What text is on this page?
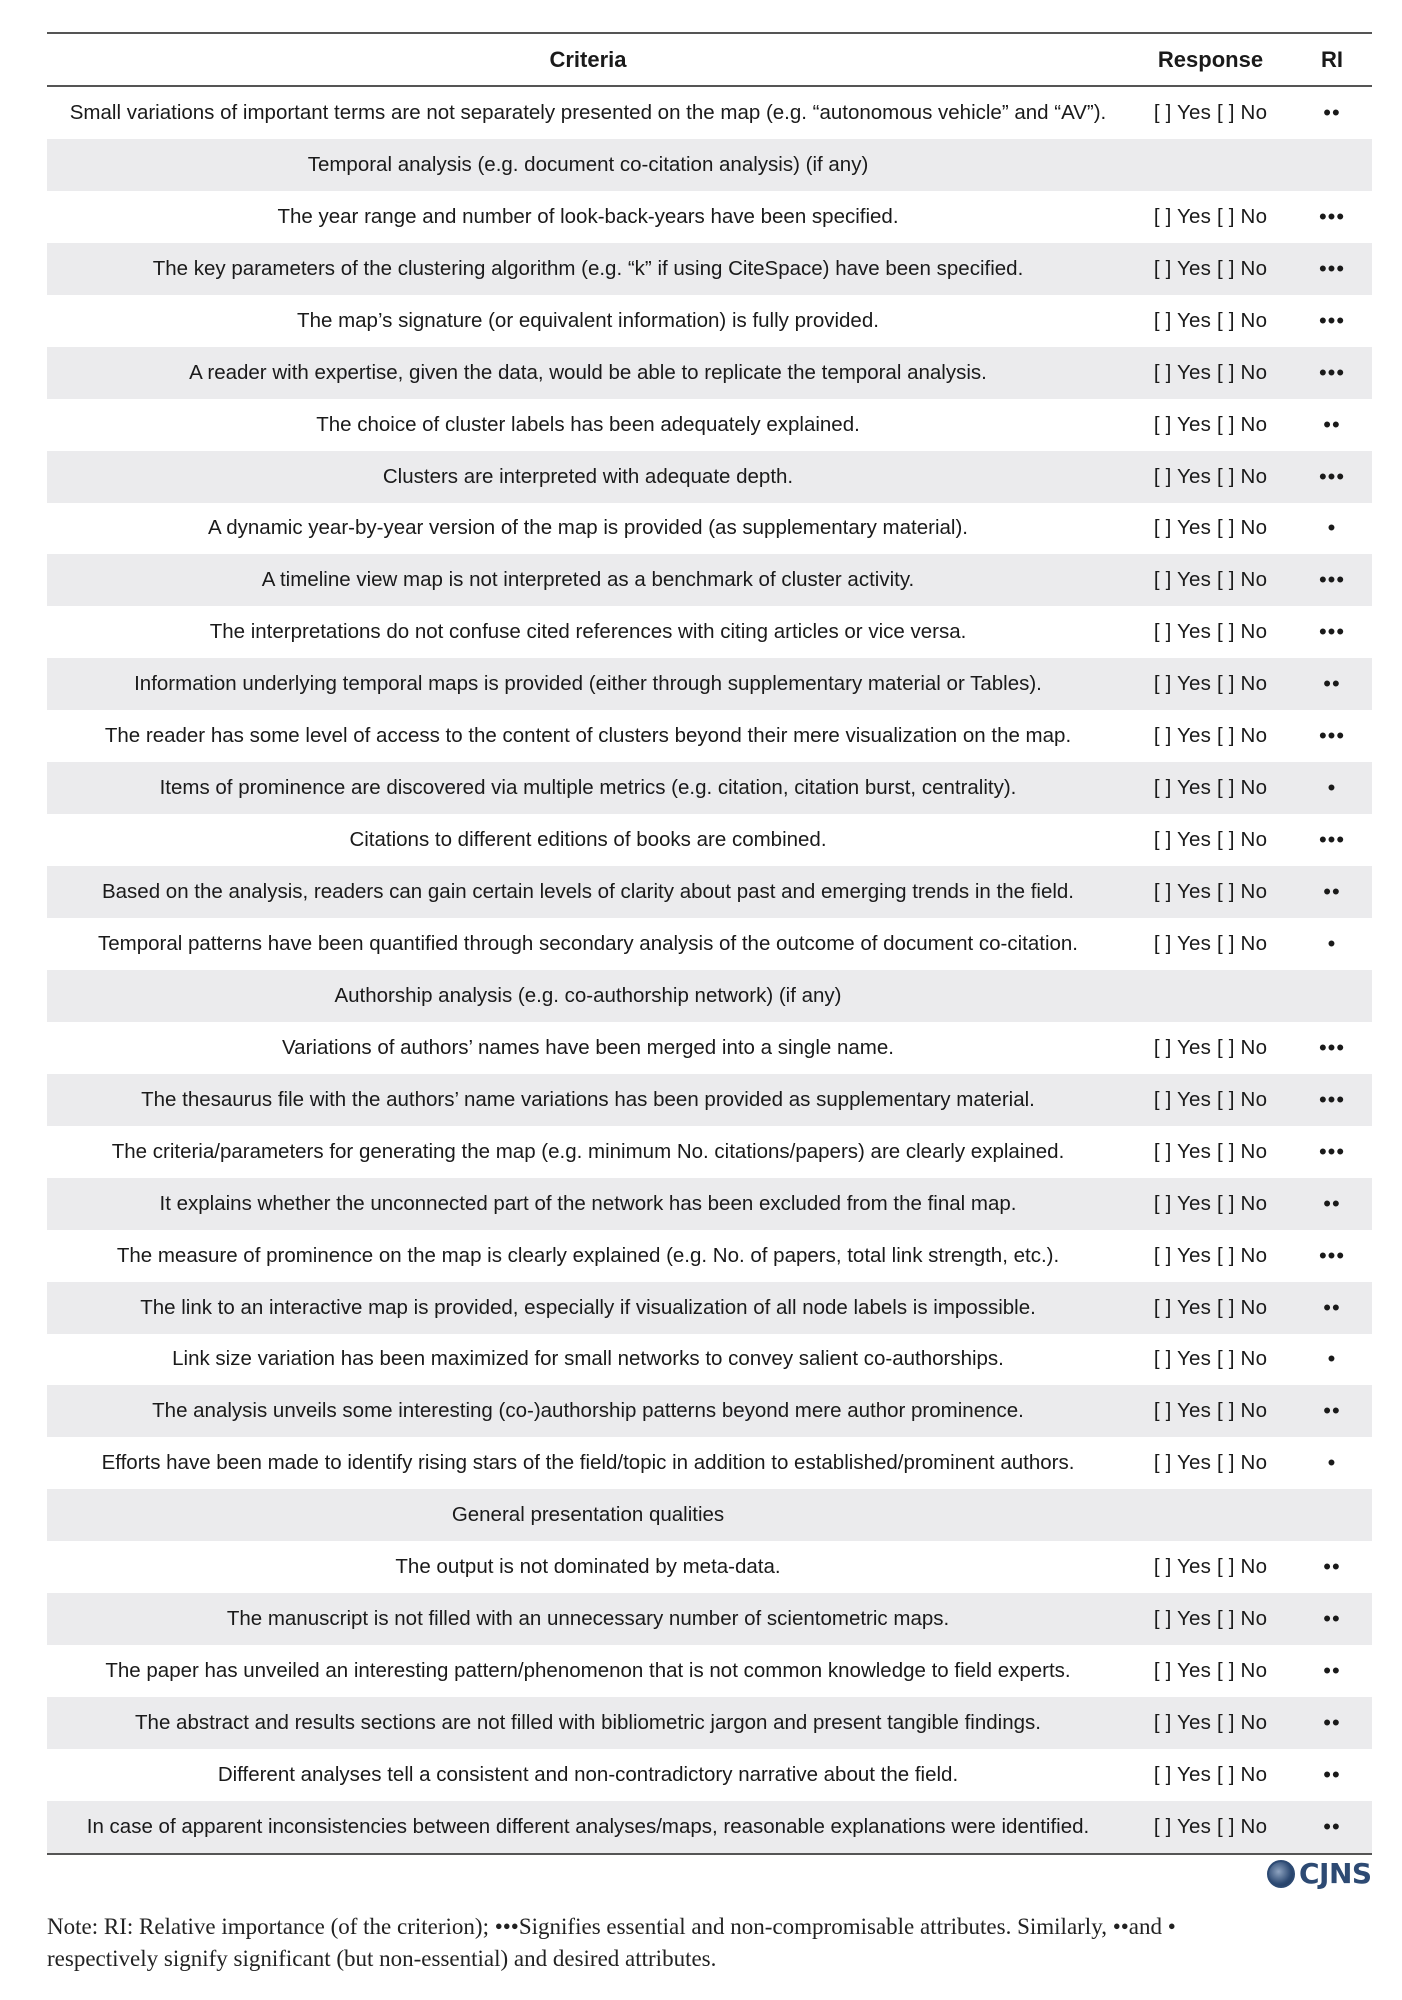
Criteria	Response	RI
Small variations of important terms are not separately presented on the map (e.g. “autonomous vehicle” and “AV”).	[ ] Yes [ ] No	••
Temporal analysis (e.g. document co-citation analysis) (if any)		
The year range and number of look-back-years have been specified.	[ ] Yes [ ] No	•••
The key parameters of the clustering algorithm (e.g. “k” if using CiteSpace) have been specified.	[ ] Yes [ ] No	•••
The map’s signature (or equivalent information) is fully provided.	[ ] Yes [ ] No	•••
A reader with expertise, given the data, would be able to replicate the temporal analysis.	[ ] Yes [ ] No	•••
The choice of cluster labels has been adequately explained.	[ ] Yes [ ] No	••
Clusters are interpreted with adequate depth.	[ ] Yes [ ] No	•••
A dynamic year-by-year version of the map is provided (as supplementary material).	[ ] Yes [ ] No	•
A timeline view map is not interpreted as a benchmark of cluster activity.	[ ] Yes [ ] No	•••
The interpretations do not confuse cited references with citing articles or vice versa.	[ ] Yes [ ] No	•••
Information underlying temporal maps is provided (either through supplementary material or Tables).	[ ] Yes [ ] No	••
The reader has some level of access to the content of clusters beyond their mere visualization on the map.	[ ] Yes [ ] No	•••
Items of prominence are discovered via multiple metrics (e.g. citation, citation burst, centrality).	[ ] Yes [ ] No	•
Citations to different editions of books are combined.	[ ] Yes [ ] No	•••
Based on the analysis, readers can gain certain levels of clarity about past and emerging trends in the field.	[ ] Yes [ ] No	••
Temporal patterns have been quantified through secondary analysis of the outcome of document co-citation.	[ ] Yes [ ] No	•
Authorship analysis (e.g. co-authorship network) (if any)		
Variations of authors’ names have been merged into a single name.	[ ] Yes [ ] No	•••
The thesaurus file with the authors’ name variations has been provided as supplementary material.	[ ] Yes [ ] No	•••
The criteria/parameters for generating the map (e.g. minimum No. citations/papers) are clearly explained.	[ ] Yes [ ] No	•••
It explains whether the unconnected part of the network has been excluded from the final map.	[ ] Yes [ ] No	••
The measure of prominence on the map is clearly explained (e.g. No. of papers, total link strength, etc.).	[ ] Yes [ ] No	•••
The link to an interactive map is provided, especially if visualization of all node labels is impossible.	[ ] Yes [ ] No	••
Link size variation has been maximized for small networks to convey salient co-authorships.	[ ] Yes [ ] No	•
The analysis unveils some interesting (co-)authorship patterns beyond mere author prominence.	[ ] Yes [ ] No	••
Efforts have been made to identify rising stars of the field/topic in addition to established/prominent authors.	[ ] Yes [ ] No	•
General presentation qualities		
The output is not dominated by meta-data.	[ ] Yes [ ] No	••
The manuscript is not filled with an unnecessary number of scientometric maps.	[ ] Yes [ ] No	••
The paper has unveiled an interesting pattern/phenomenon that is not common knowledge to field experts.	[ ] Yes [ ] No	••
The abstract and results sections are not filled with bibliometric jargon and present tangible findings.	[ ] Yes [ ] No	••
Different analyses tell a consistent and non-contradictory narrative about the field.	[ ] Yes [ ] No	••
In case of apparent inconsistencies between different analyses/maps, reasonable explanations were identified.	[ ] Yes [ ] No	••
CJNS
Note: RI: Relative importance (of the criterion); •••Signifies essential and non-compromisable attributes. Similarly, ••and •
respectively signify significant (but non-essential) and desired attributes.
